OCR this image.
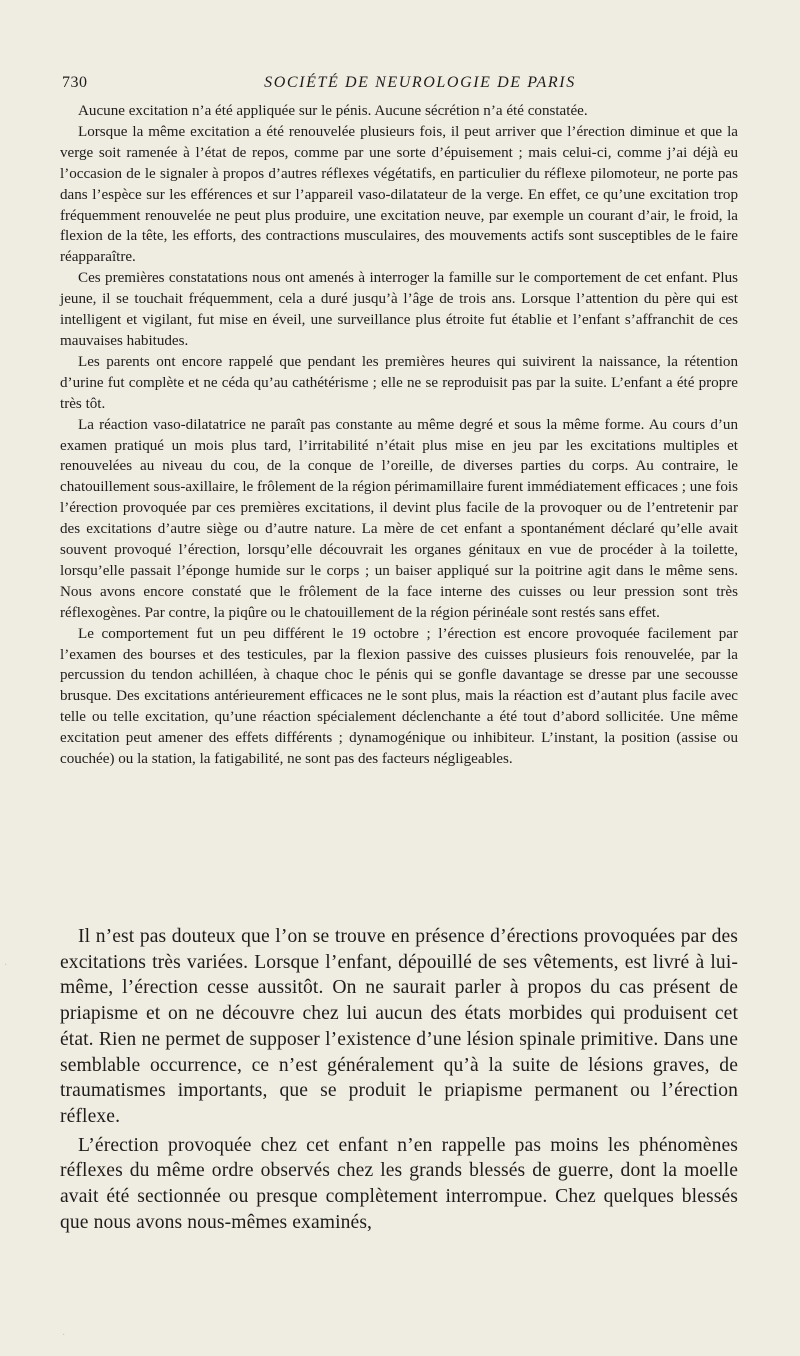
730	SOCIÉTÉ DE NEUROLOGIE DE PARIS

Aucune excitation n’a été appliquée sur le pénis. Aucune sécrétion n’a été constatée.

Lorsque la même excitation a été renouvelée plusieurs fois, il peut arriver que l’érection diminue et que la verge soit ramenée à l’état de repos, comme par une sorte d’épuisement ; mais celui-ci, comme j’ai déjà eu l’occasion de le signaler à propos d’autres réflexes végétatifs, en particulier du réflexe pilomoteur, ne porte pas dans l’espèce sur les efférences et sur l’appareil vaso-dilatateur de la verge. En effet, ce qu’une excitation trop fréquemment renouvelée ne peut plus produire, une excitation neuve, par exemple un courant d’air, le froid, la flexion de la tête, les efforts, des contractions musculaires, des mouvements actifs sont susceptibles de le faire réapparaître.

Ces premières constatations nous ont amenés à interroger la famille sur le comportement de cet enfant. Plus jeune, il se touchait fréquemment, cela a duré jusqu’à l’âge de trois ans. Lorsque l’attention du père qui est intelligent et vigilant, fut mise en éveil, une surveillance plus étroite fut établie et l’enfant s’affranchit de ces mauvaises habitudes.

Les parents ont encore rappelé que pendant les premières heures qui suivirent la naissance, la rétention d’urine fut complète et ne céda qu’au cathétérisme ; elle ne se reproduisit pas par la suite. L’enfant a été propre très tôt.

La réaction vaso-dilatatrice ne paraît pas constante au même degré et sous la même forme. Au cours d’un examen pratiqué un mois plus tard, l’irritabilité n’était plus mise en jeu par les excitations multiples et renouvelées au niveau du cou, de la conque de l’oreille, de diverses parties du corps. Au contraire, le chatouillement sous-axillaire, le frôlement de la région périmamillaire furent immédiatement efficaces ; une fois l’érection provoquée par ces premières excitations, il devint plus facile de la provoquer ou de l’entretenir par des excitations d’autre siège ou d’autre nature. La mère de cet enfant a spontanément déclaré qu’elle avait souvent provoqué l’érection, lorsqu’elle découvrait les organes génitaux en vue de procéder à la toilette, lorsqu’elle passait l’éponge humide sur le corps ; un baiser appliqué sur la poitrine agit dans le même sens. Nous avons encore constaté que le frôlement de la face interne des cuisses ou leur pression sont très réflexogènes. Par contre, la piqûre ou le chatouillement de la région périnéale sont restés sans effet.

Le comportement fut un peu différent le 19 octobre ; l’érection est encore provoquée facilement par l’examen des bourses et des testicules, par la flexion passive des cuisses plusieurs fois renouvelée, par la percussion du tendon achilléen, à chaque choc le pénis qui se gonfle davantage se dresse par une secousse brusque. Des excitations antérieurement efficaces ne le sont plus, mais la réaction est d’autant plus facile avec telle ou telle excitation, qu’une réaction spécialement déclenchante a été tout d’abord sollicitée. Une même excitation peut amener des effets différents ; dynamogénique ou inhibiteur. L’instant, la position (assise ou couchée) ou la station, la fatigabilité, ne sont pas des facteurs négligeables.

Il n’est pas douteux que l’on se trouve en présence d’érections provoquées par des excitations très variées. Lorsque l’enfant, dépouillé de ses vêtements, est livré à lui-même, l’érection cesse aussitôt. On ne saurait parler à propos du cas présent de priapisme et on ne découvre chez lui aucun des états morbides qui produisent cet état. Rien ne permet de supposer l’existence d’une lésion spinale primitive. Dans une semblable occurrence, ce n’est généralement qu’à la suite de lésions graves, de traumatismes importants, que se produit le priapisme permanent ou l’érection réflexe.

L’érection provoquée chez cet enfant n’en rappelle pas moins les phénomènes réflexes du même ordre observés chez les grands blessés de guerre, dont la moelle avait été sectionnée ou presque complètement interrompue. Chez quelques blessés que nous avons nous-mêmes examinés,

·
·
